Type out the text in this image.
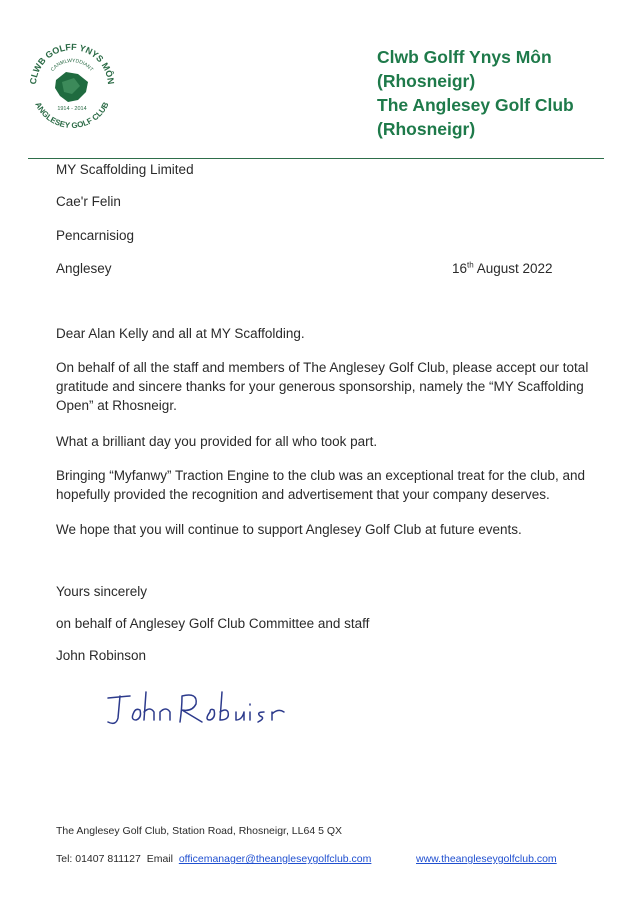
CLWB GOLFF YNYS MÔN
CANMLWYDDIANT
1914 - 2014
ANGLESEY GOLF CLUB
Clwb Golff Ynys Môn
(Rhosneigr)
The Anglesey Golf Club
(Rhosneigr)
MY Scaffolding Limited
Cae'r Felin
Pencarnisiog
Anglesey	16th August 2022
Dear Alan Kelly and all at MY Scaffolding.
On behalf of all the staff and members of The Anglesey Golf Club, please accept our total gratitude and sincere thanks for your generous sponsorship, namely the “MY Scaffolding Open” at Rhosneigr.
What a brilliant day you provided for all who took part.
Bringing “Myfanwy” Traction Engine to the club was an exceptional treat for the club, and hopefully provided the recognition and advertisement that your company deserves.
We hope that you will continue to support Anglesey Golf Club at future events.
Yours sincerely
on behalf of Anglesey Golf Club Committee and staff
John Robinson
The Anglesey Golf Club, Station Road, Rhosneigr, LL64 5 QX
Tel: 01407 811127 Email officemanager@theangleseygolfclub.com	www.theangleseygolfclub.com
